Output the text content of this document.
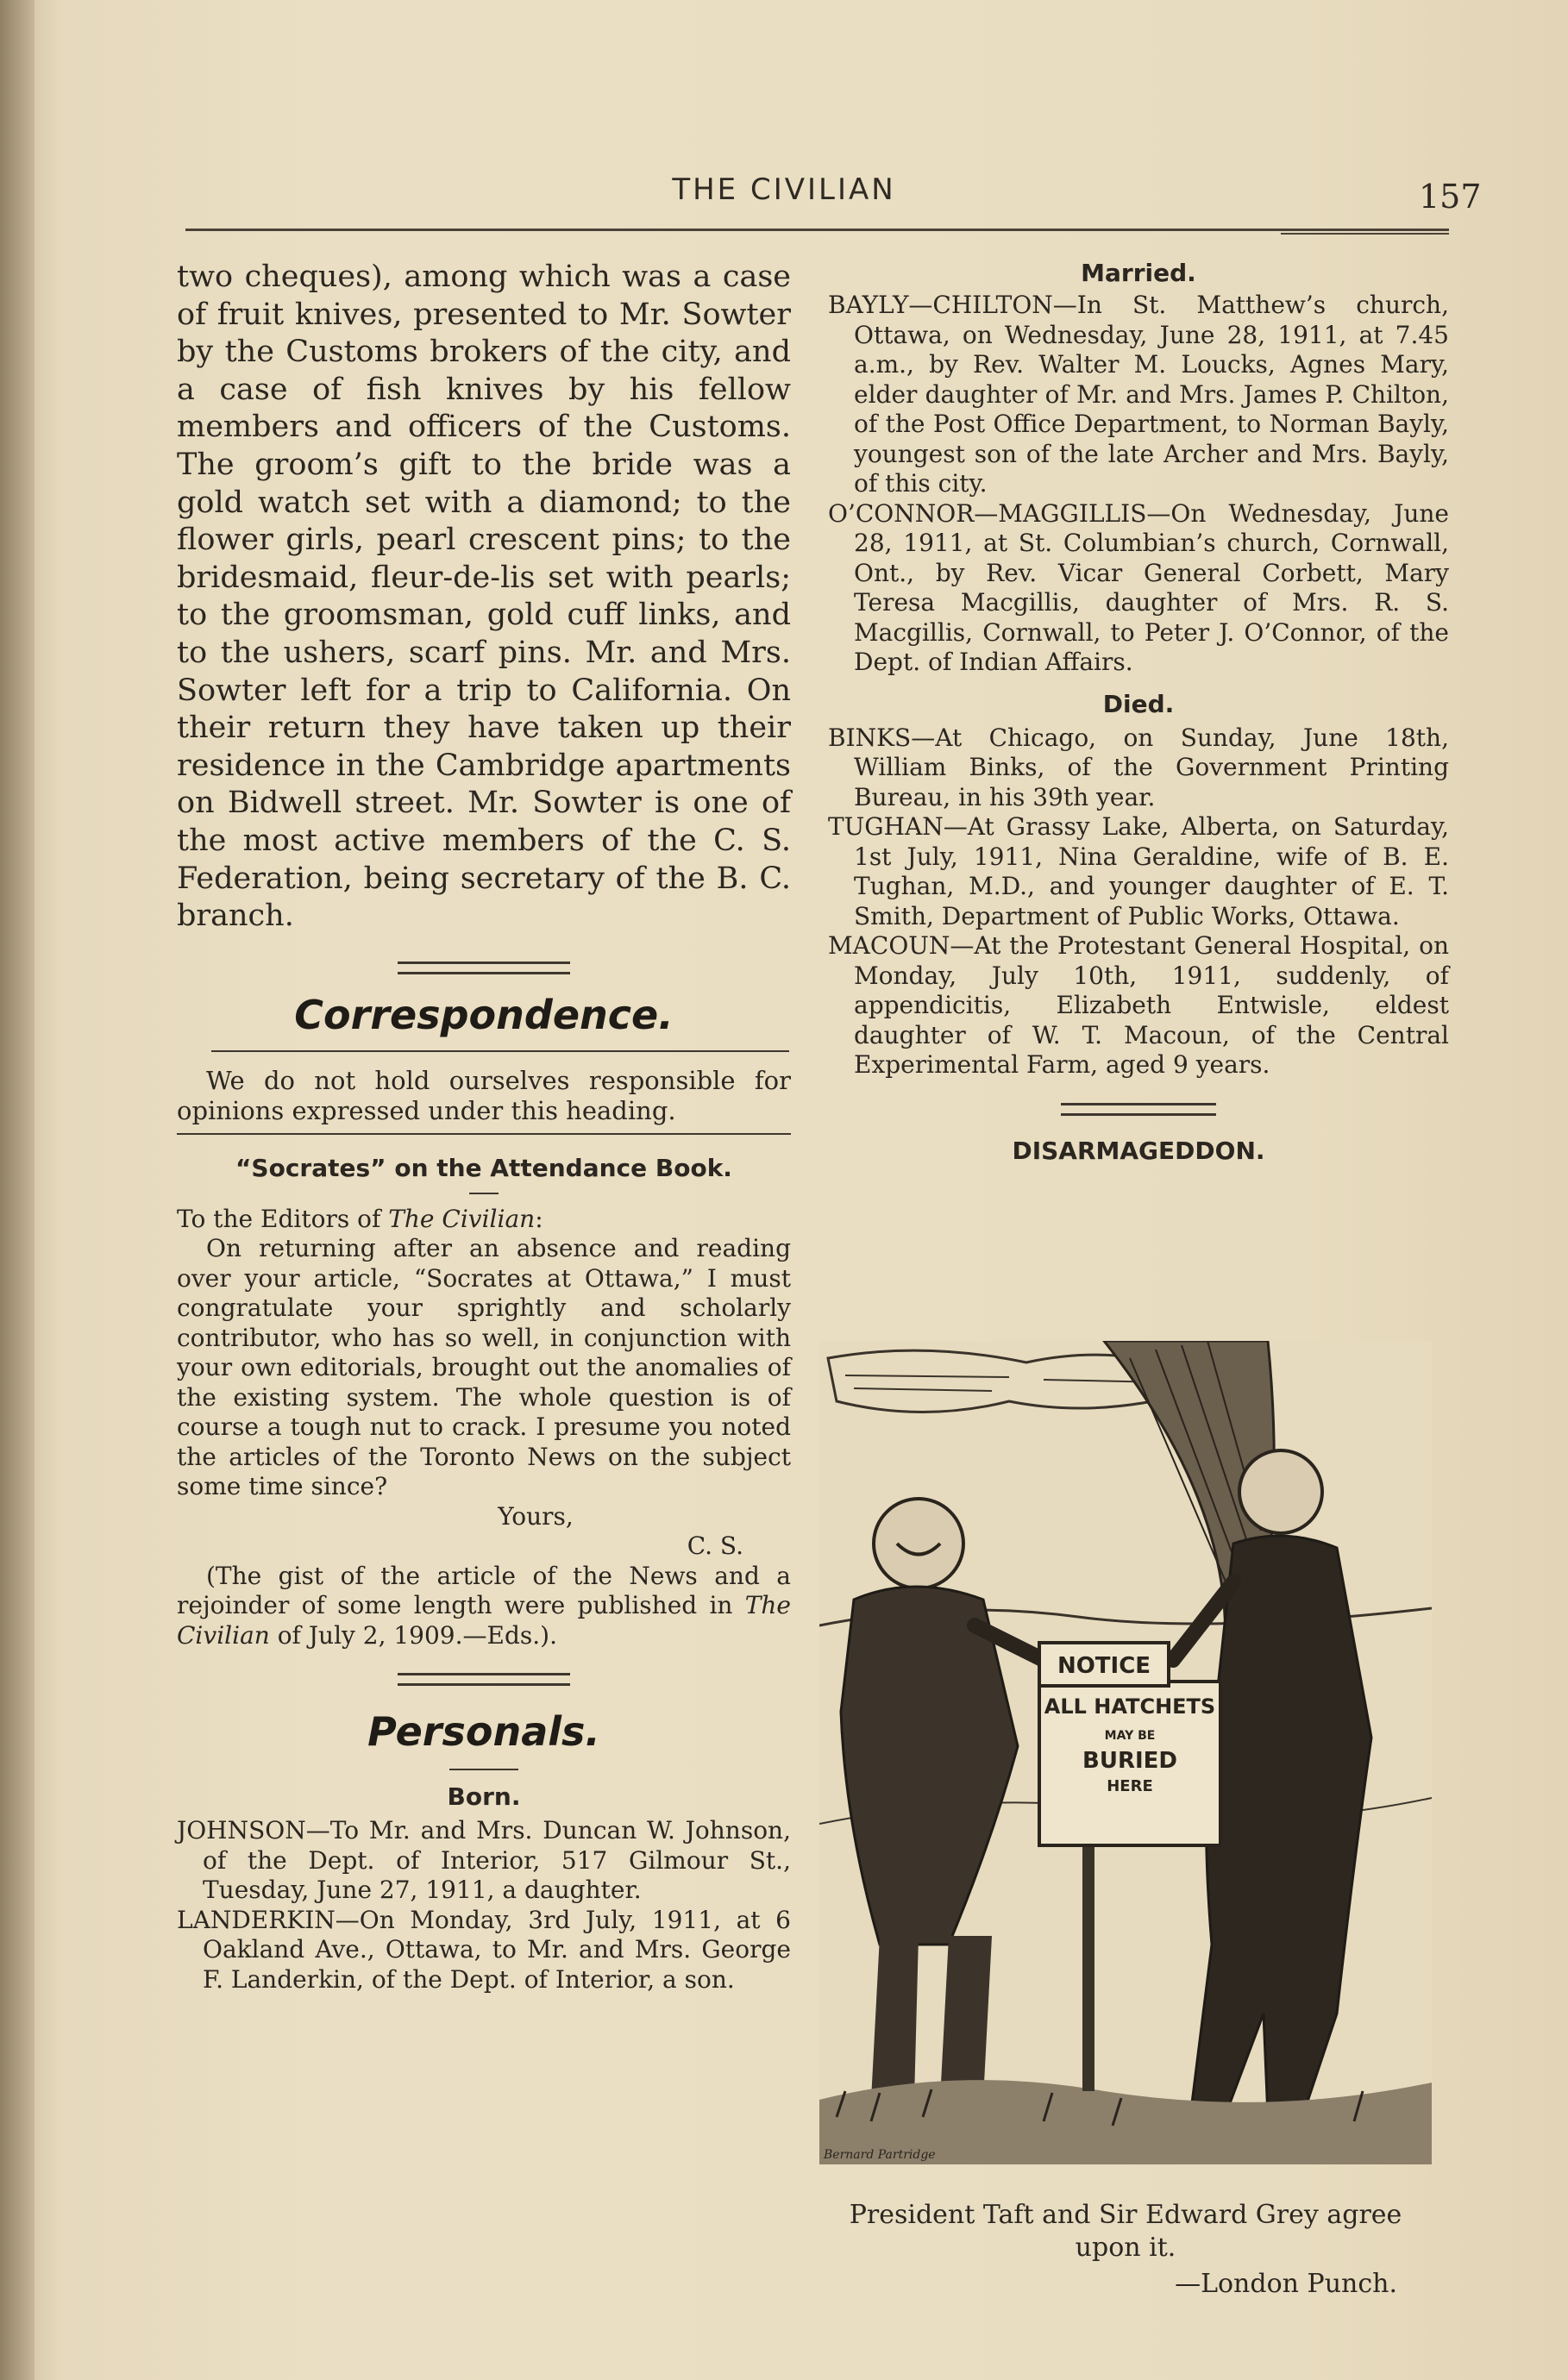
THE CIVILIAN	157

two cheques), among which was a case of fruit knives, presented to Mr. Sowter by the Customs brokers of the city, and a case of fish knives by his fellow members and officers of the Customs. The groom’s gift to the bride was a gold watch set with a diamond; to the flower girls, pearl crescent pins; to the bridesmaid, fleur-de-lis set with pearls; to the groomsman, gold cuff links, and to the ushers, scarf pins. Mr. and Mrs. Sowter left for a trip to California. On their return they have taken up their residence in the Cambridge apartments on Bidwell street. Mr. Sowter is one of the most active members of the C. S. Federation, being secretary of the B. C. branch.

Correspondence.

We do not hold ourselves responsible for opinions expressed under this heading.

“Socrates” on the Attendance Book.

To the Editors of The Civilian:

On returning after an absence and reading over your article, “Socrates at Ottawa,” I must congratulate your sprightly and scholarly contributor, who has so well, in conjunction with your own editorials, brought out the anomalies of the existing system. The whole question is of course a tough nut to crack. I presume you noted the articles of the Toronto News on the subject some time since?

Yours,

C. S.

(The gist of the article of the News and a rejoinder of some length were published in The Civilian of July 2, 1909.—Eds.).

Personals.
Born.

JOHNSON—To Mr. and Mrs. Duncan W. Johnson, of the Dept. of Interior, 517 Gilmour St., Tuesday, June 27, 1911, a daughter.

LANDERKIN—On Monday, 3rd July, 1911, at 6 Oakland Ave., Ottawa, to Mr. and Mrs. George F. Landerkin, of the Dept. of Interior, a son.

Married.

BAYLY—CHILTON—In St. Matthew’s church, Ottawa, on Wednesday, June 28, 1911, at 7.45 a.m., by Rev. Walter M. Loucks, Agnes Mary, elder daughter of Mr. and Mrs. James P. Chilton, of the Post Office Department, to Norman Bayly, youngest son of the late Archer and Mrs. Bayly, of this city.

O’CONNOR—MAGGILLIS—On Wednesday, June 28, 1911, at St. Columbian’s church, Cornwall, Ont., by Rev. Vicar General Corbett, Mary Teresa Macgillis, daughter of Mrs. R. S. Macgillis, Cornwall, to Peter J. O’Connor, of the Dept. of Indian Affairs.

Died.

BINKS—At Chicago, on Sunday, June 18th, William Binks, of the Government Printing Bureau, in his 39th year.

TUGHAN—At Grassy Lake, Alberta, on Saturday, 1st July, 1911, Nina Geraldine, wife of B. E. Tughan, M.D., and younger daughter of E. T. Smith, Department of Public Works, Ottawa.

MACOUN—At the Protestant General Hospital, on Monday, July 10th, 1911, suddenly, of appendicitis, Elizabeth Entwisle, eldest daughter of W. T. Macoun, of the Central Experimental Farm, aged 9 years.

DISARMAGEDDON.
NOTICE
ALL HATCHETS
MAY BE
BURIED
HERE
Bernard Partridge

President Taft and Sir Edward Grey agree upon it.

—London Punch.
